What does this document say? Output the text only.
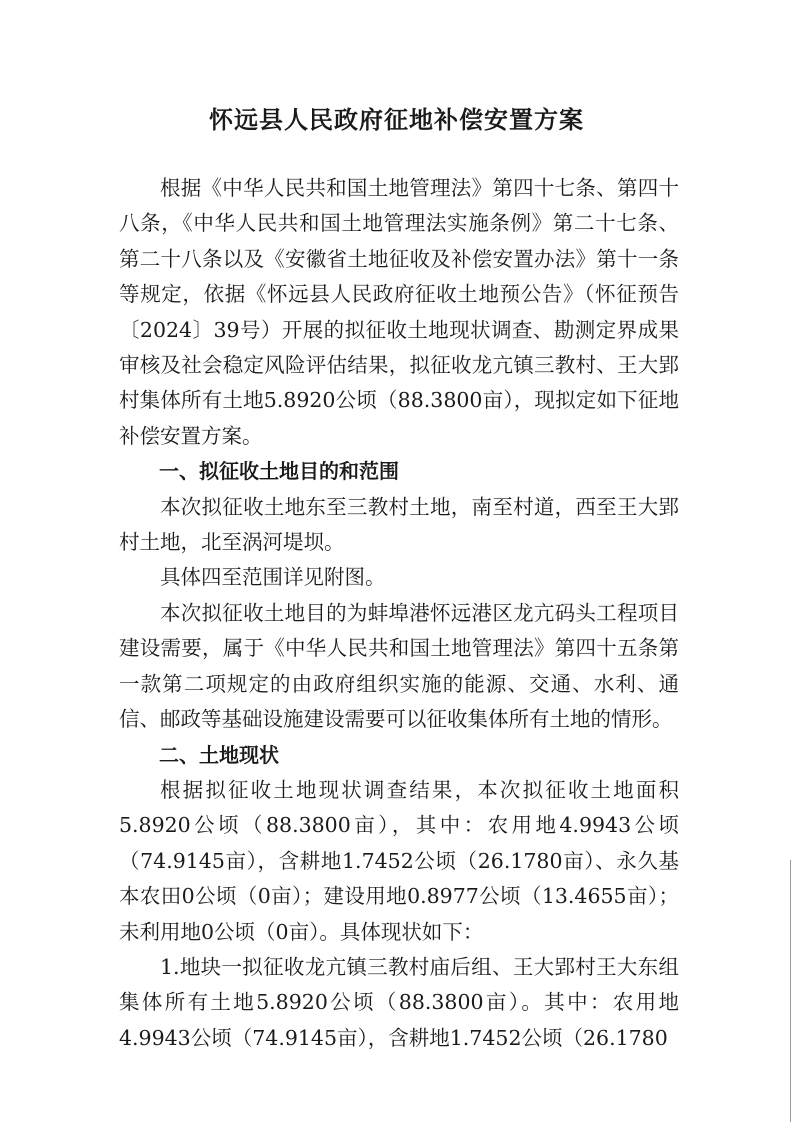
怀远县人民政府征地补偿安置方案

根据《中华人民共和国土地管理法》第四十七条、第四十八条，《中华人民共和国土地管理法实施条例》第二十七条、第二十八条以及《安徽省土地征收及补偿安置办法》第十一条等规定，依据《怀远县人民政府征收土地预公告》（怀征预告〔2024〕39号）开展的拟征收土地现状调查、勘测定界成果审核及社会稳定风险评估结果，拟征收龙亢镇三教村、王大郢村集体所有土地5.8920公顷（88.3800亩），现拟定如下征地补偿安置方案。

一、拟征收土地目的和范围

本次拟征收土地东至三教村土地，南至村道，西至王大郢村土地，北至涡河堤坝。

具体四至范围详见附图。

本次拟征收土地目的为蚌埠港怀远港区龙亢码头工程项目建设需要，属于《中华人民共和国土地管理法》第四十五条第一款第二项规定的由政府组织实施的能源、交通、水利、通信、邮政等基础设施建设需要可以征收集体所有土地的情形。

二、土地现状

根据拟征收土地现状调查结果，本次拟征收土地面积5.8920公顷（88.3800亩），其中：农用地4.9943公顷（74.9145亩），含耕地1.7452公顷（26.1780亩）、永久基本农田0公顷（0亩）；建设用地0.8977公顷（13.4655亩）；未利用地0公顷（0亩）。具体现状如下：

1.地块一拟征收龙亢镇三教村庙后组、王大郢村王大东组集体所有土地5.8920公顷（88.3800亩）。其中：农用地4.9943公顷（74.9145亩），含耕地1.7452公顷（26.1780
